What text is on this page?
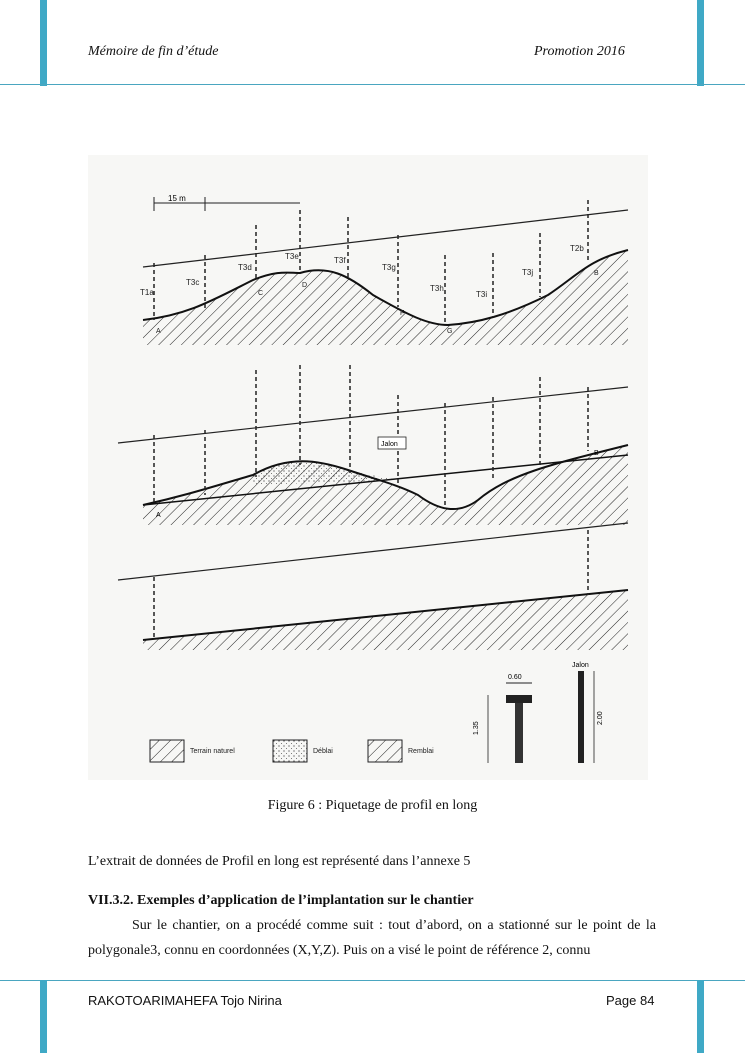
Mémoire de fin d’étude	Promotion 2016
15 m
T1a
T3c
T3d
T3e	T3f
T3g
T3h
T3i
T3j
T2b
A
C
D
F
G
B
Jalon
A
B
Terrain naturel	Déblai	Remblai
0.60
1.35
Jalon
2.00
Figure 6 : Piquetage de profil en long
L’extrait de données de Profil en long est représenté dans l’annexe 5
VII.3.2. Exemples d’application de l’implantation sur le chantier
Sur le chantier, on a procédé comme suit : tout d’abord, on a stationné sur le point de la polygonale3, connu en coordonnées (X,Y,Z). Puis on a visé le point de référence 2, connu
RAKOTOARIMAHEFA Tojo Nirina	Page 84
